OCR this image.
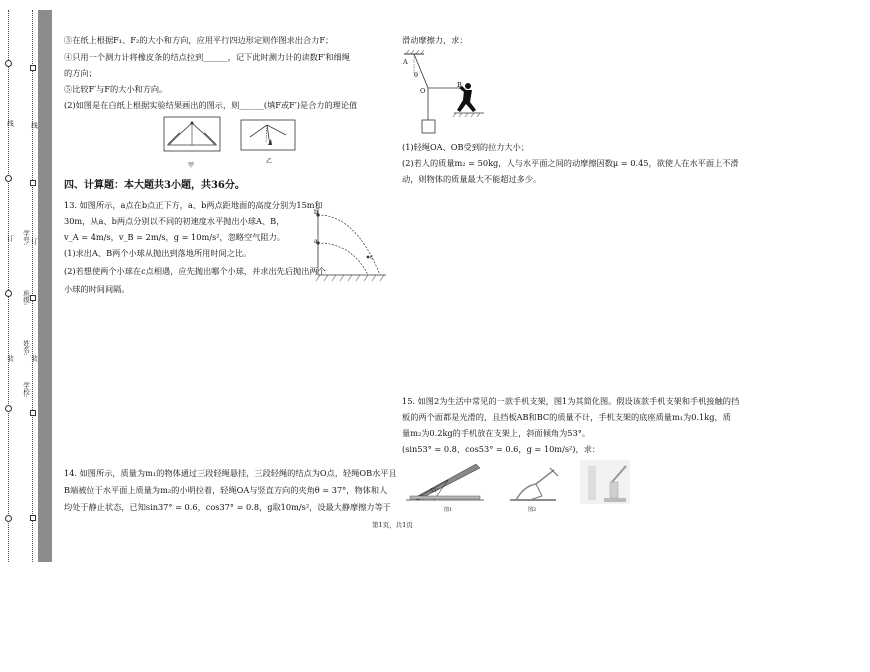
线
订
装
学号:
班级:
姓名:
学校:
线
订
装
③在纸上根据F₁、F₂的大小和方向，应用平行四边形定则作图求出合力F；
④只用一个测力计将橡皮条的结点拉到______，记下此时测力计的读数F′和细绳
的方向；
⑤比较F′与F的大小和方向。
(2)如图是在白纸上根据实验结果画出的图示，则______(填F或F′)是合力的理论值
甲
乙
四、计算题：本大题共3小题，共36分。
13. 如图所示，a点在b点正下方，a、b两点距地面的高度分别为15m和
30m，从a、b两点分别以不同的初速度水平抛出小球A、B，
v_A = 4m/s，v_B = 2m/s，g = 10m/s²，忽略空气阻力。
(1)求出A、B两个小球从抛出到落地所用时间之比。
(2)若想使两个小球在c点相遇，应先抛出哪个小球，并求出先后抛出两个
小球的时间间隔。
b
a
c
14. 如图所示，质量为m₁的物体通过三段轻绳悬挂，三段轻绳的结点为O点，轻绳OB水平且
B端被位于水平面上质量为m₂的小明拉着，轻绳OA与竖直方向的夹角θ = 37°，物体和人
均处于静止状态，已知sin37° = 0.6，cos37° = 0.8，g取10m/s²，设最大静摩擦力等于
滑动摩擦力，求：
A
θ
O
B
(1)轻绳OA、OB受到的拉力大小；
(2)若人的质量m₂ = 50kg，人与水平面之间的动摩擦因数μ = 0.45，欲使人在水平面上不滑
动，则物体的质量最大不能超过多少。
15. 如图2为生活中常见的一款手机支架，图1为其简化图。假设该款手机支架和手机接触的挡
板的两个面都是光滑的，且挡板AB和BC的质量不计，手机支架的底座质量m₁为0.1kg，质
量m₂为0.2kg的手机放在支架上，斜面倾角为53°。
(sin53° = 0.8，cos53° = 0.6，g = 10m/s²)，求：
53°
图1	图2
第1页，共1页
